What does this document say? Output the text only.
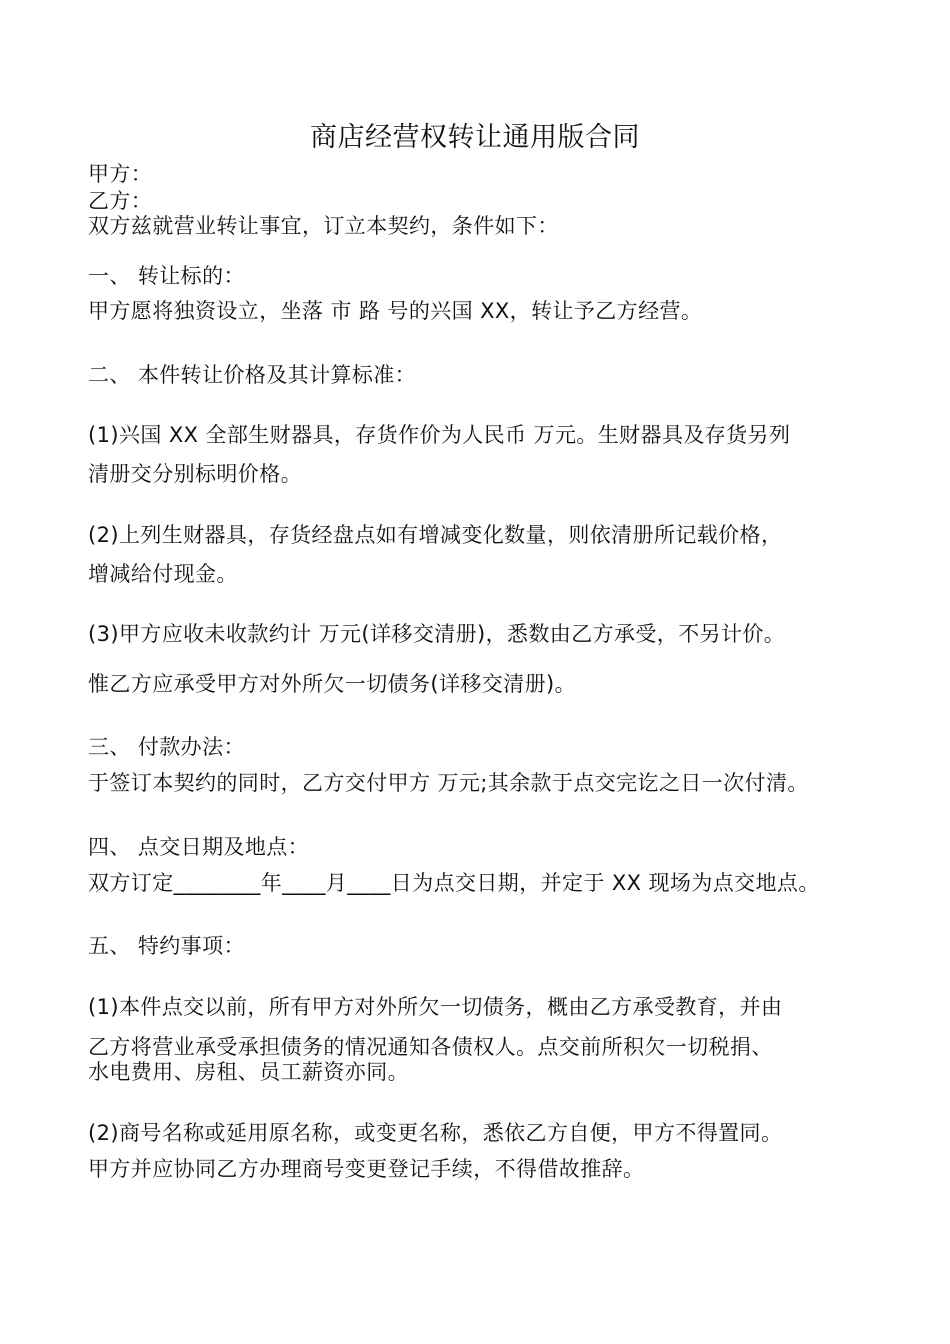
商店经营权转让通用版合同
甲方：
乙方：
双方兹就营业转让事宜，订立本契约，条件如下：
一、 转让标的：
甲方愿将独资设立，坐落 市 路 号的兴国 XX，转让予乙方经营。
二、 本件转让价格及其计算标准：
(1)兴国 XX 全部生财器具，存货作价为人民币 万元。生财器具及存货另列
清册交分别标明价格。
(2)上列生财器具，存货经盘点如有增减变化数量，则依清册所记载价格，
增减给付现金。
(3)甲方应收未收款约计 万元(详移交清册)，悉数由乙方承受，不另计价。
惟乙方应承受甲方对外所欠一切债务(详移交清册)。
三、 付款办法：
于签订本契约的同时，乙方交付甲方 万元;其余款于点交完讫之日一次付清。
四、 点交日期及地点：
双方订定________年____月____日为点交日期，并定于 XX 现场为点交地点。
五、 特约事项：
(1)本件点交以前，所有甲方对外所欠一切债务，概由乙方承受教育，并由
乙方将营业承受承担债务的情况通知各债权人。点交前所积欠一切税捐、
水电费用、房租、员工薪资亦同。
(2)商号名称或延用原名称，或变更名称，悉依乙方自便，甲方不得置同。
甲方并应协同乙方办理商号变更登记手续，不得借故推辞。
